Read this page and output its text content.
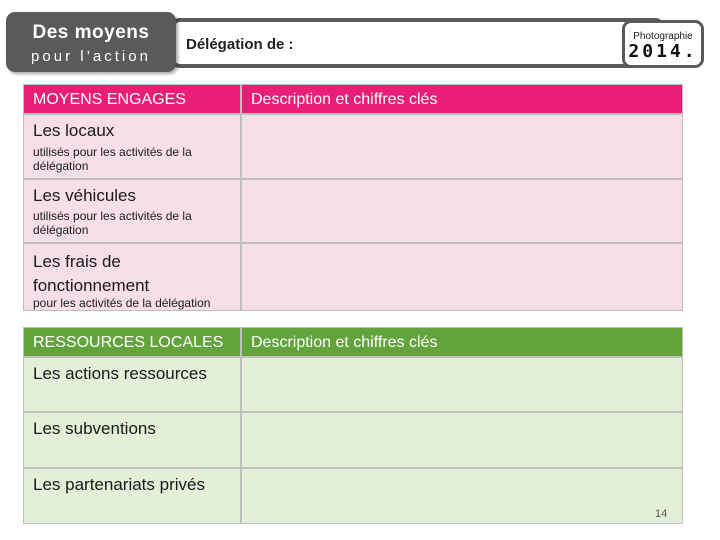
Des moyens
pour l’action
Délégation de :	Photographie
2014.
MOYENS ENGAGES	Description et chiffres clés
Les locaux
utilisés pour les activités de la délégation
Les véhicules
utilisés pour les activités de la délégation
Les frais de fonctionnement
pour les activités de la délégation
RESSOURCES LOCALES Description et chiffres clés
Les actions ressources
Les subventions
Les partenariats privés
14
